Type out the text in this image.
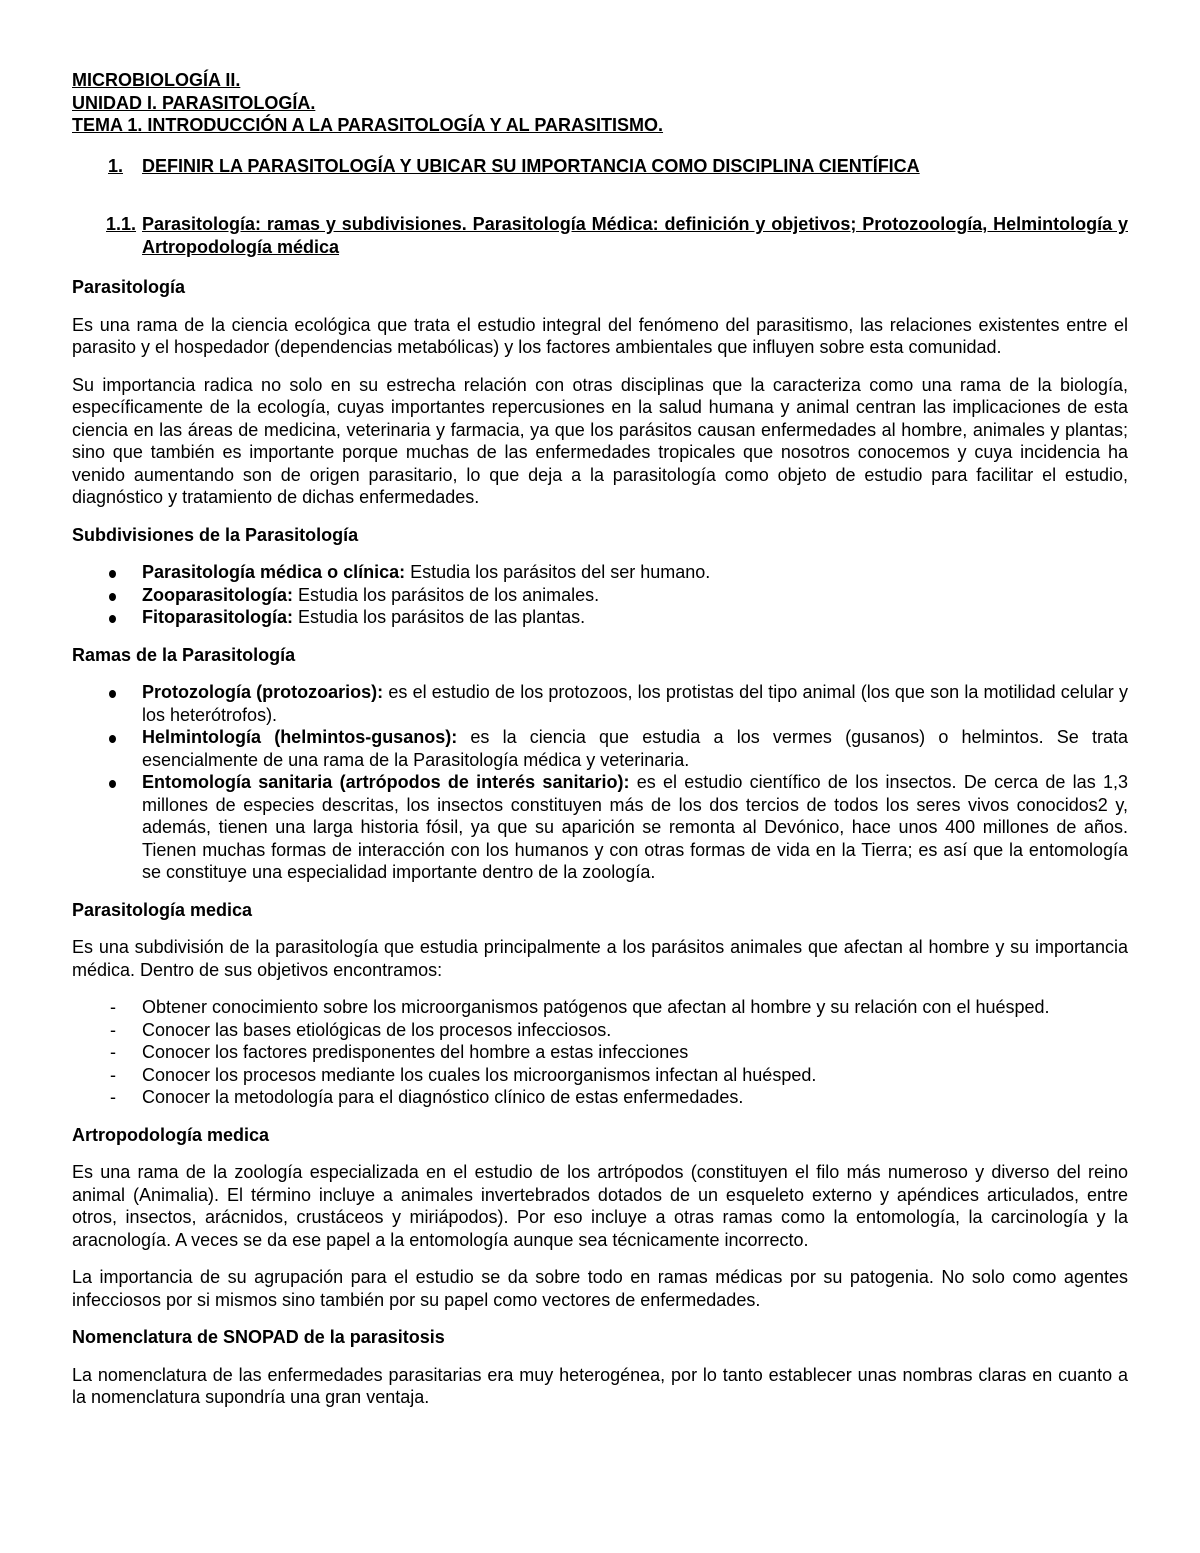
MICROBIOLOGÍA II.
UNIDAD I. PARASITOLOGÍA.
TEMA 1. INTRODUCCIÓN A LA PARASITOLOGÍA Y AL PARASITISMO.
1.	DEFINIR LA PARASITOLOGÍA Y UBICAR SU IMPORTANCIA COMO DISCIPLINA CIENTÍFICA
1.1. Parasitología: ramas y subdivisiones. Parasitología Médica: definición y objetivos; Protozoología, Helmintología y Artropodología médica
Parasitología

Es una rama de la ciencia ecológica que trata el estudio integral del fenómeno del parasitismo, las relaciones existentes entre el parasito y el hospedador (dependencias metabólicas) y los factores ambientales que influyen sobre esta comunidad.

Su importancia radica no solo en su estrecha relación con otras disciplinas que la caracteriza como una rama de la biología, específicamente de la ecología, cuyas importantes repercusiones en la salud humana y animal centran las implicaciones de esta ciencia en las áreas de medicina, veterinaria y farmacia, ya que los parásitos causan enfermedades al hombre, animales y plantas; sino que también es importante porque muchas de las enfermedades tropicales que nosotros conocemos y cuya incidencia ha venido aumentando son de origen parasitario, lo que deja a la parasitología como objeto de estudio para facilitar el estudio, diagnóstico y tratamiento de dichas enfermedades.

Subdivisiones de la Parasitología
Parasitología médica o clínica: Estudia los parásitos del ser humano.
Zooparasitología: Estudia los parásitos de los animales.
Fitoparasitología: Estudia los parásitos de las plantas.
Ramas de la Parasitología
Protozología (protozoarios): es el estudio de los protozoos, los protistas del tipo animal (los que son la motilidad celular y los heterótrofos).
Helmintología (helmintos-gusanos): es la ciencia que estudia a los vermes (gusanos) o helmintos. Se trata esencialmente de una rama de la Parasitología médica y veterinaria.
Entomología sanitaria (artrópodos de interés sanitario): es el estudio científico de los insectos. De cerca de las 1,3 millones de especies descritas, los insectos constituyen más de los dos tercios de todos los seres vivos conocidos2 y, además, tienen una larga historia fósil, ya que su aparición se remonta al Devónico, hace unos 400 millones de años. Tienen muchas formas de interacción con los humanos y con otras formas de vida en la Tierra; es así que la entomología se constituye una especialidad importante dentro de la zoología.
Parasitología medica

Es una subdivisión de la parasitología que estudia principalmente a los parásitos animales que afectan al hombre y su importancia médica. Dentro de sus objetivos encontramos:

-	Obtener conocimiento sobre los microorganismos patógenos que afectan al hombre y su relación con el huésped.
-	Conocer las bases etiológicas de los procesos infecciosos.
-	Conocer los factores predisponentes del hombre a estas infecciones
-	Conocer los procesos mediante los cuales los microorganismos infectan al huésped.
-	Conocer la metodología para el diagnóstico clínico de estas enfermedades.
Artropodología medica

Es una rama de la zoología especializada en el estudio de los artrópodos (constituyen el filo más numeroso y diverso del reino animal (Animalia). El término incluye a animales invertebrados dotados de un esqueleto externo y apéndices articulados, entre otros, insectos, arácnidos, crustáceos y miriápodos). Por eso incluye a otras ramas como la entomología, la carcinología y la aracnología. A veces se da ese papel a la entomología aunque sea técnicamente incorrecto.

La importancia de su agrupación para el estudio se da sobre todo en ramas médicas por su patogenia. No solo como agentes infecciosos por si mismos sino también por su papel como vectores de enfermedades.

Nomenclatura de SNOPAD de la parasitosis

La nomenclatura de las enfermedades parasitarias era muy heterogénea, por lo tanto establecer unas nombras claras en cuanto a la nomenclatura supondría una gran ventaja.
